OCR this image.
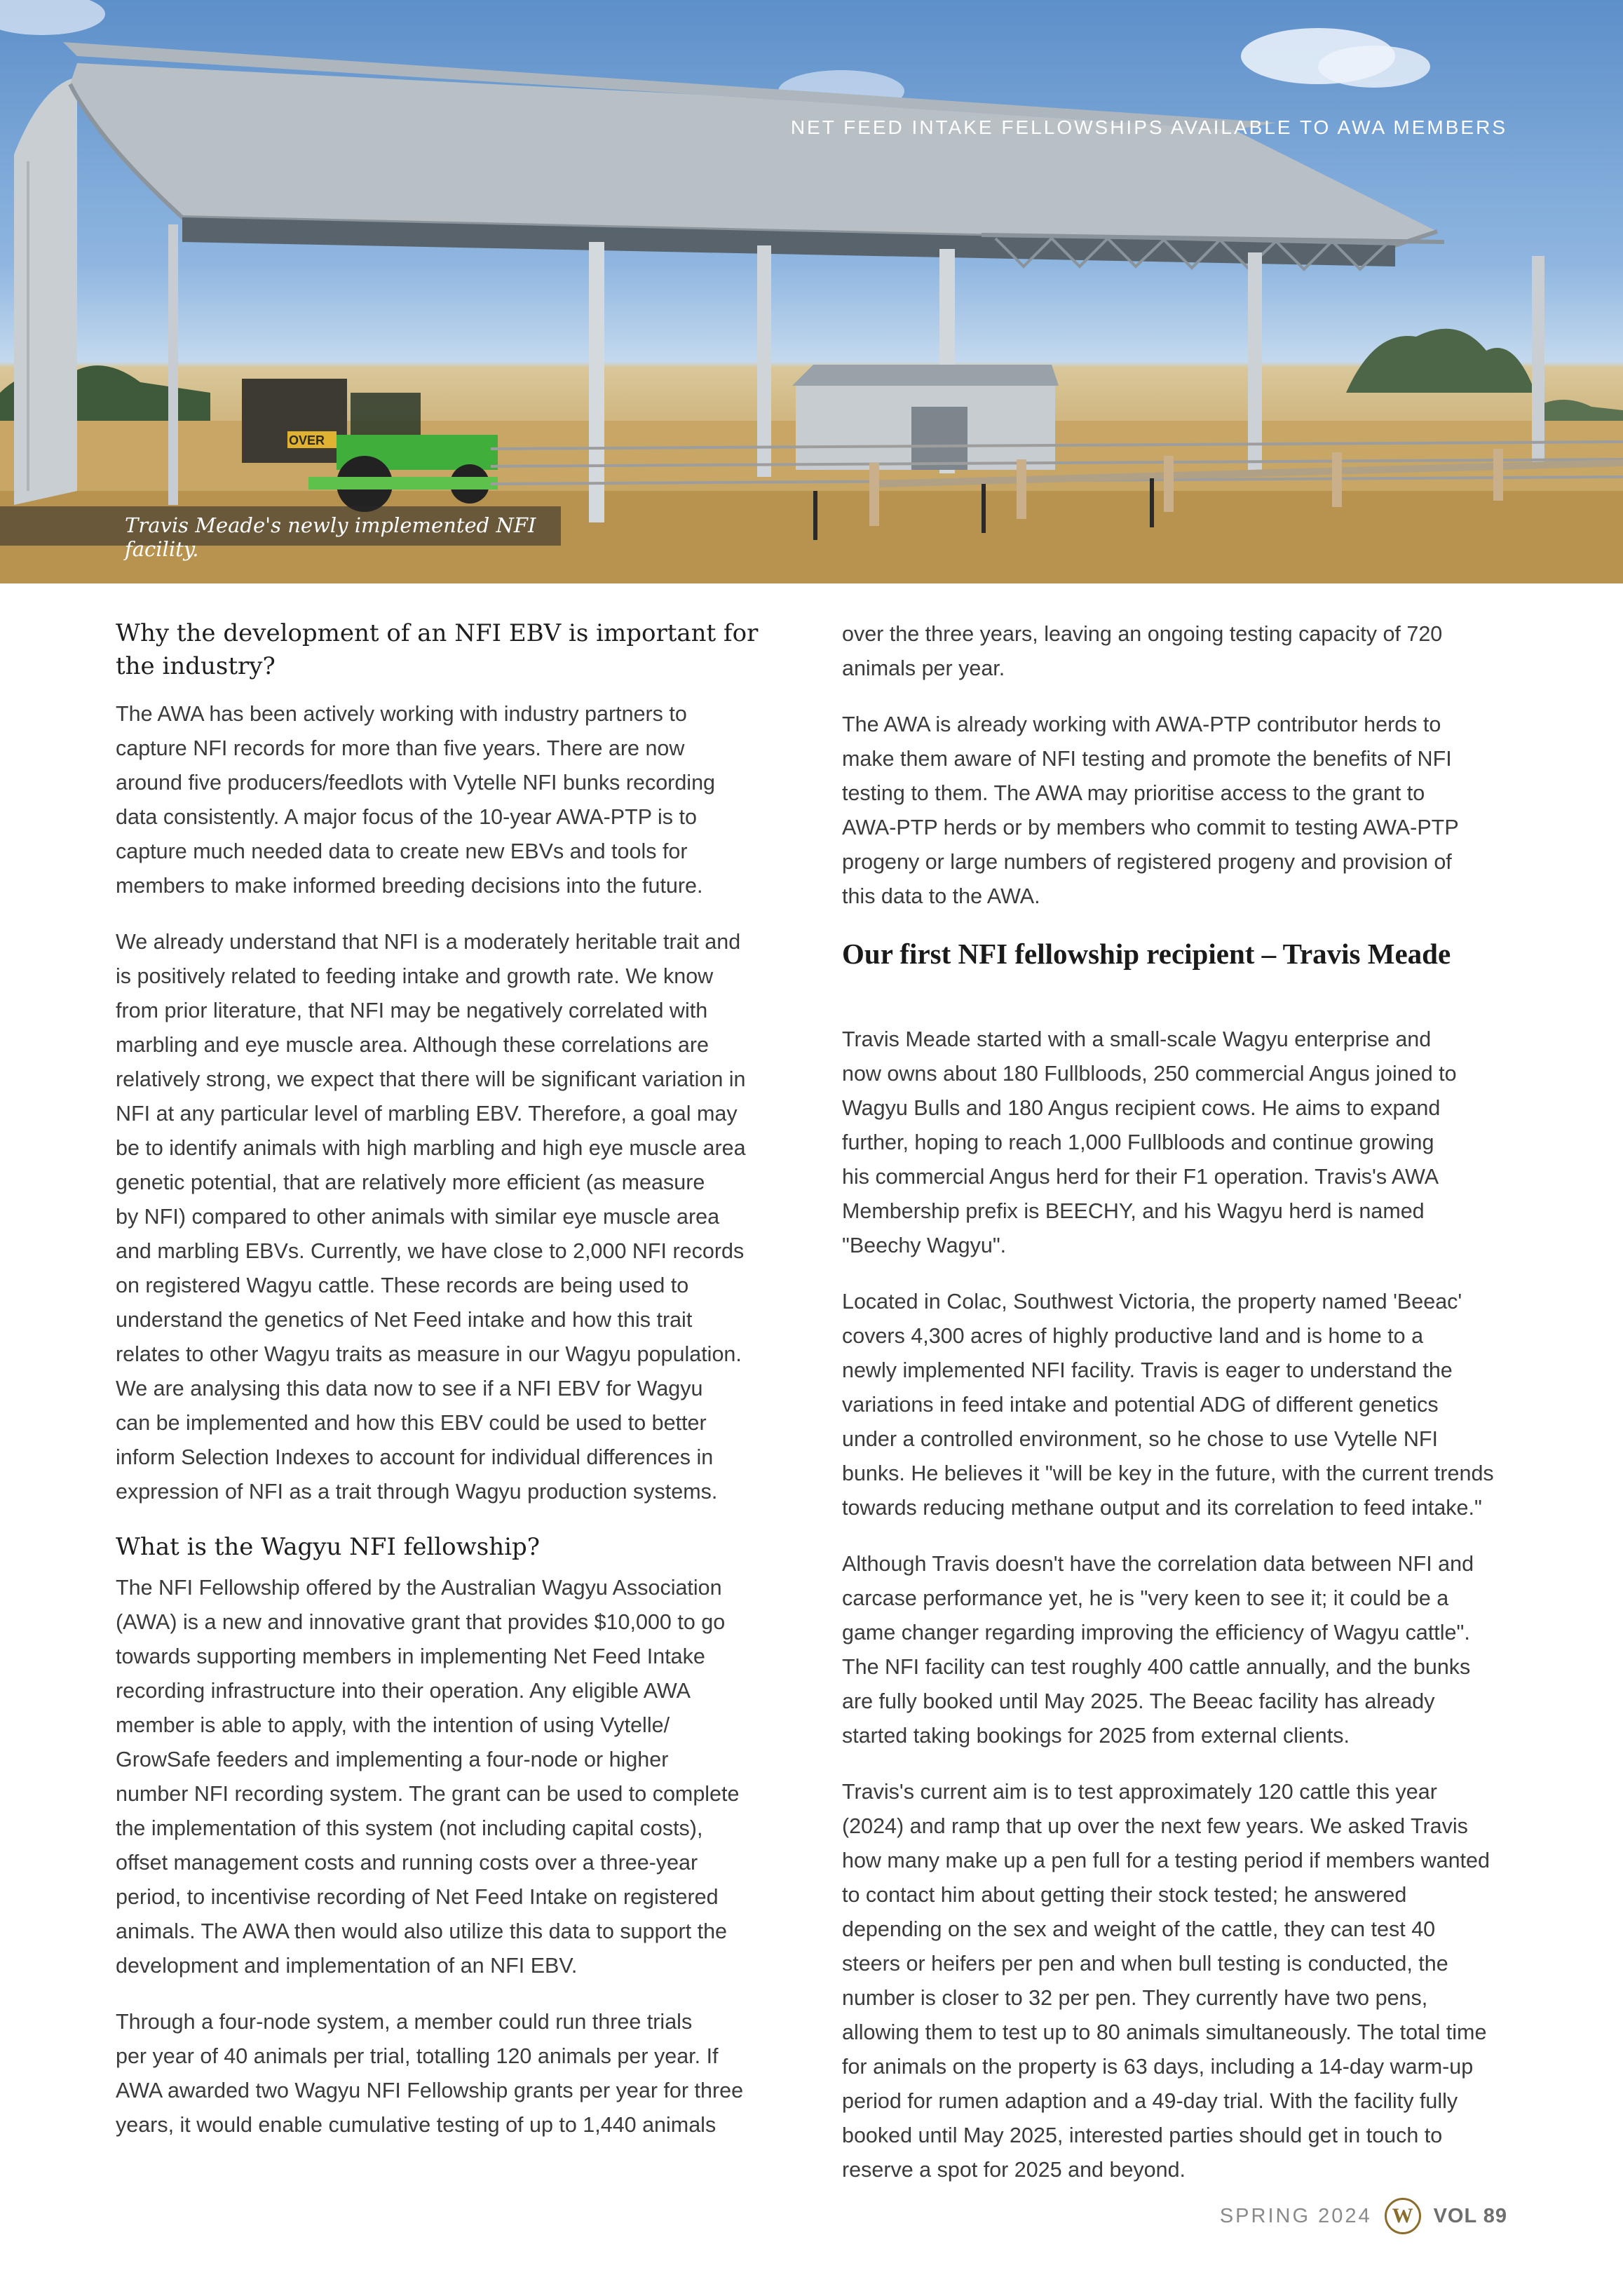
OVER
NET FEED INTAKE FELLOWSHIPS AVAILABLE TO AWA MEMBERS
Travis Meade's newly implemented NFI facility.
Why the development of an NFI EBV is important for
the industry?

The AWA has been actively working with industry partners to
capture NFI records for more than five years. There are now
around five producers/feedlots with Vytelle NFI bunks recording
data consistently. A major focus of the 10-year AWA-PTP is to
capture much needed data to create new EBVs and tools for
members to make informed breeding decisions into the future.

We already understand that NFI is a moderately heritable trait and
is positively related to feeding intake and growth rate. We know
from prior literature, that NFI may be negatively correlated with
marbling and eye muscle area. Although these correlations are
relatively strong, we expect that there will be significant variation in
NFI at any particular level of marbling EBV. Therefore, a goal may
be to identify animals with high marbling and high eye muscle area
genetic potential, that are relatively more efficient (as measure
by NFI) compared to other animals with similar eye muscle area
and marbling EBVs. Currently, we have close to 2,000 NFI records
on registered Wagyu cattle. These records are being used to
understand the genetics of Net Feed intake and how this trait
relates to other Wagyu traits as measure in our Wagyu population.
We are analysing this data now to see if a NFI EBV for Wagyu
can be implemented and how this EBV could be used to better
inform Selection Indexes to account for individual differences in
expression of NFI as a trait through Wagyu production systems.

What is the Wagyu NFI fellowship?

The NFI Fellowship offered by the Australian Wagyu Association
(AWA) is a new and innovative grant that provides $10,000 to go
towards supporting members in implementing Net Feed Intake
recording infrastructure into their operation. Any eligible AWA
member is able to apply, with the intention of using Vytelle/
GrowSafe feeders and implementing a four-node or higher
number NFI recording system. The grant can be used to complete
the implementation of this system (not including capital costs),
offset management costs and running costs over a three-year
period, to incentivise recording of Net Feed Intake on registered
animals. The AWA then would also utilize this data to support the
development and implementation of an NFI EBV.

Through a four-node system, a member could run three trials
per year of 40 animals per trial, totalling 120 animals per year. If
AWA awarded two Wagyu NFI Fellowship grants per year for three
years, it would enable cumulative testing of up to 1,440 animals

over the three years, leaving an ongoing testing capacity of 720
animals per year.

The AWA is already working with AWA-PTP contributor herds to
make them aware of NFI testing and promote the benefits of NFI
testing to them. The AWA may prioritise access to the grant to
AWA-PTP herds or by members who commit to testing AWA-PTP
progeny or large numbers of registered progeny and provision of
this data to the AWA.

Our first NFI fellowship recipient – Travis Meade

Travis Meade started with a small-scale Wagyu enterprise and
now owns about 180 Fullbloods, 250 commercial Angus joined to
Wagyu Bulls and 180 Angus recipient cows. He aims to expand
further, hoping to reach 1,000 Fullbloods and continue growing
his commercial Angus herd for their F1 operation. Travis's AWA
Membership prefix is BEECHY, and his Wagyu herd is named
"Beechy Wagyu".

Located in Colac, Southwest Victoria, the property named 'Beeac'
covers 4,300 acres of highly productive land and is home to a
newly implemented NFI facility. Travis is eager to understand the
variations in feed intake and potential ADG of different genetics
under a controlled environment, so he chose to use Vytelle NFI
bunks. He believes it "will be key in the future, with the current trends
towards reducing methane output and its correlation to feed intake."

Although Travis doesn't have the correlation data between NFI and
carcase performance yet, he is "very keen to see it; it could be a
game changer regarding improving the efficiency of Wagyu cattle".
The NFI facility can test roughly 400 cattle annually, and the bunks
are fully booked until May 2025. The Beeac facility has already
started taking bookings for 2025 from external clients.

Travis's current aim is to test approximately 120 cattle this year
(2024) and ramp that up over the next few years. We asked Travis
how many make up a pen full for a testing period if members wanted
to contact him about getting their stock tested; he answered
depending on the sex and weight of the cattle, they can test 40
steers or heifers per pen and when bull testing is conducted, the
number is closer to 32 per pen. They currently have two pens,
allowing them to test up to 80 animals simultaneously. The total time
for animals on the property is 63 days, including a 14-day warm-up
period for rumen adaption and a 49-day trial. With the facility fully
booked until May 2025, interested parties should get in touch to
reserve a spot for 2025 and beyond.

SPRING 2024 W	VOL 89
